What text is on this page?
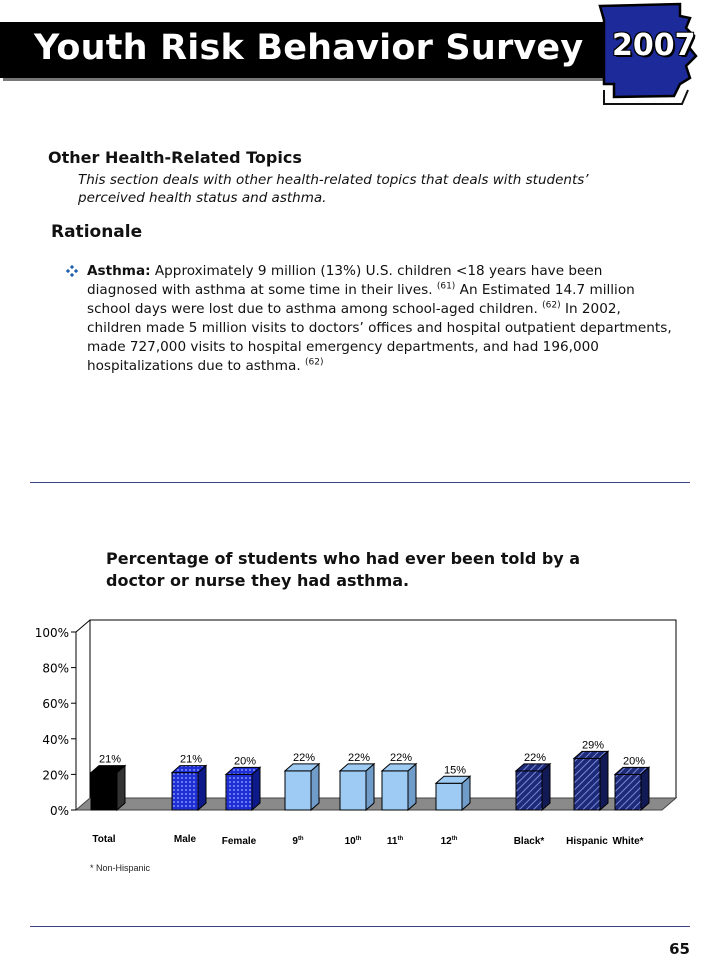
Youth Risk Behavior Survey 2007
Other Health-Related Topics
This section deals with other health-related topics that deals with students’ perceived health status and asthma.
Rationale
Asthma: Approximately 9 million (13%) U.S. children <18 years have been diagnosed with asthma at some time in their lives. $^{(61)}$ An Estimated 14.7 million school days were lost due to asthma among school-aged children. $^{(62)}$ In 2002, children made 5 million visits to doctors’ offices and hospital outpatient departments, made 727,000 visits to hospital emergency departments, and had 196,000 hospitalizations due to asthma. $^{(62)}$
Percentage of students who had ever been told by a doctor or nurse they had asthma.
0%
20%
40%
60%
80%
100%
21%
Total
21%
Male
20%
Female
22%
9th
22%
10th
22%
11th
15%
12th
22%
Black*
29%
Hispanic
20%
White*
* Non-Hispanic
65
